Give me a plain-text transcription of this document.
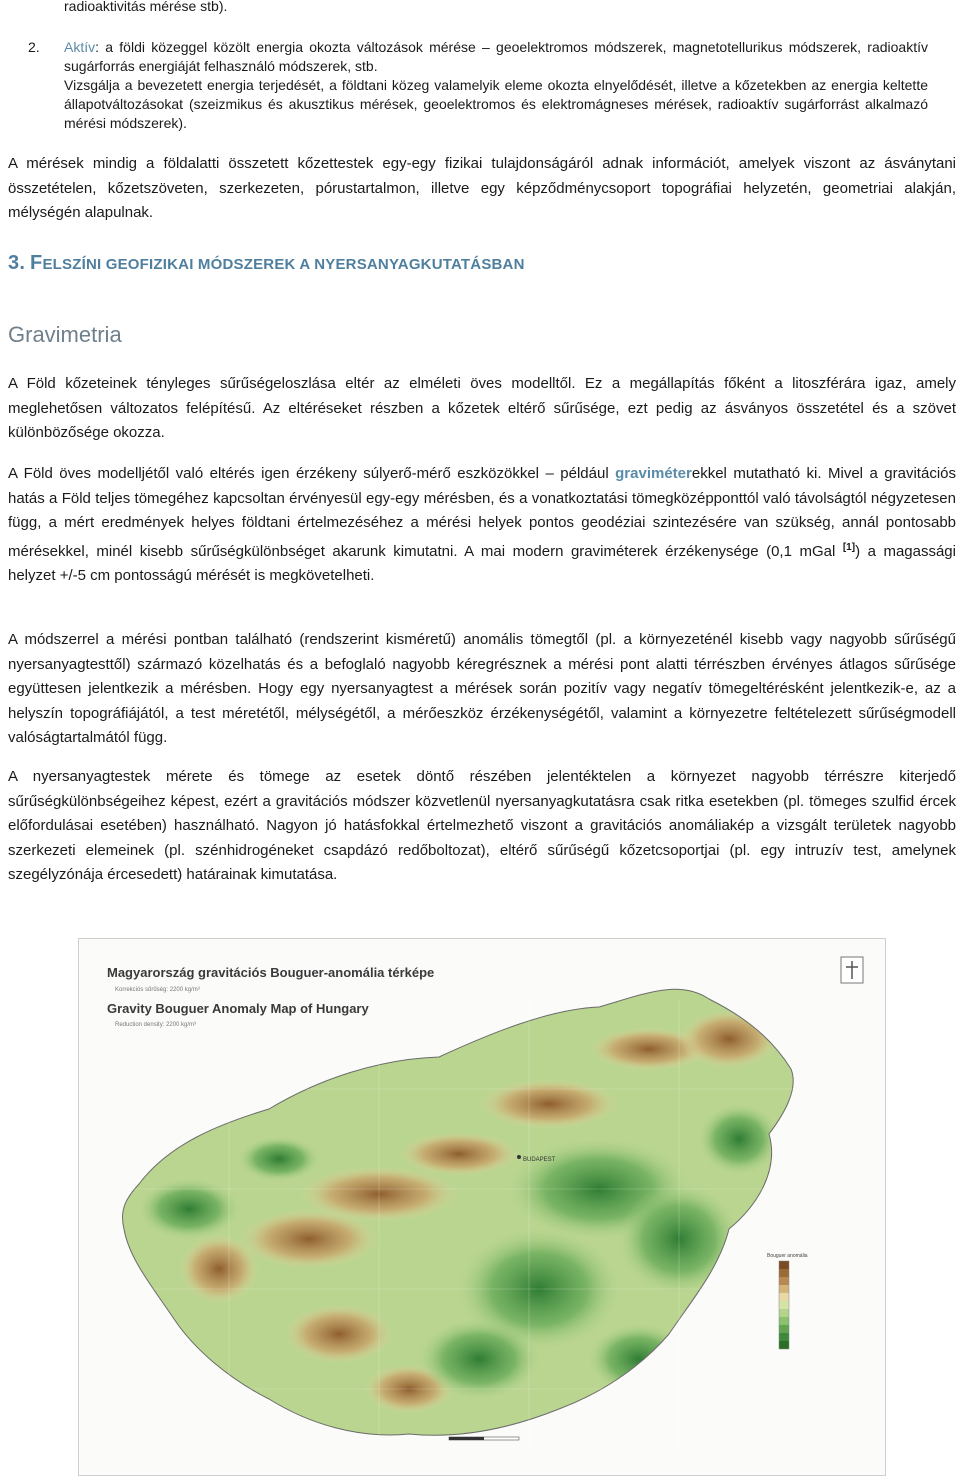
radioaktivitás mérése stb).
2. Aktív: a földi közeggel közölt energia okozta változások mérése – geoelektromos módszerek, magnetotellurikus módszerek, radioaktív sugárforrás energiáját felhasználó módszerek, stb.
Vizsgálja a bevezetett energia terjedését, a földtani közeg valamelyik eleme okozta elnyelődését, illetve a kőzetekben az energia keltette állapotváltozásokat (szeizmikus és akusztikus mérések, geoelektromos és elektromágneses mérések, radioaktív sugárforrást alkalmazó mérési módszerek).
A mérések mindig a földalatti összetett kőzettestek egy-egy fizikai tulajdonságáról adnak információt, amelyek viszont az ásványtani összetételen, kőzetszöveten, szerkezeten, pórustartalmon, illetve egy képződménycsoport topográfiai helyzetén, geometriai alakján, mélységén alapulnak.
3. FELSZÍNI GEOFIZIKAI MÓDSZEREK A NYERSANYAGKUTATÁSBAN
Gravimetria
A Föld kőzeteinek tényleges sűrűségeloszlása eltér az elméleti öves modelltől. Ez a megállapítás főként a litoszférára igaz, amely meglehetősen változatos felépítésű. Az eltéréseket részben a kőzetek eltérő sűrűsége, ezt pedig az ásványos összetétel és a szövet különbözősége okozza.
A Föld öves modelljétől való eltérés igen érzékeny súlyerő-mérő eszközökkel – például graviméterekkel mutatható ki. Mivel a gravitációs hatás a Föld teljes tömegéhez kapcsoltan érvényesül egy-egy mérésben, és a vonatkoztatási tömegközépponttól való távolságtól négyzetesen függ, a mért eredmények helyes földtani értelmezéséhez a mérési helyek pontos geodéziai szintezésére van szükség, annál pontosabb mérésekkel, minél kisebb sűrűségkülönbséget akarunk kimutatni. A mai modern graviméterek érzékenysége (0,1 mGal [1]) a magassági helyzet +/-5 cm pontosságú mérését is megkövetelheti.
A módszerrel a mérési pontban található (rendszerint kisméretű) anomális tömegtől (pl. a környezeténél kisebb vagy nagyobb sűrűségű nyersanyagtesttől) származó közelhatás és a befoglaló nagyobb kéregrésznek a mérési pont alatti térrészben érvényes átlagos sűrűsége együttesen jelentkezik a mérésben. Hogy egy nyersanyagtest a mérések során pozitív vagy negatív tömegeltérésként jelentkezik-e, az a helyszín topográfiájától, a test méretétől, mélységétől, a mérőeszköz érzékenységétől, valamint a környezetre feltételezett sűrűségmodell valóságtartalmától függ.
A nyersanyagtestek mérete és tömege az esetek döntő részében jelentéktelen a környezet nagyobb térrészre kiterjedő sűrűségkülönbségeihez képest, ezért a gravitációs módszer közvetlenül nyersanyagkutatásra csak ritka esetekben (pl. tömeges szulfid ércek előfordulásai esetében) használható. Nagyon jó hatásfokkal értelmezhető viszont a gravitációs anomáliakép a vizsgált területek nagyobb szerkezeti elemeinek (pl. szénhidrogéneket csapdázó redőboltozat), eltérő sűrűségű kőzetcsoportjai (pl. egy intruzív test, amelynek szegélyzónája ércesedett) határainak kimutatása.
Magyarország gravitációs Bouguer-anomália térképe
Korrekciós sűrűség: 2200 kg/m³
Gravity Bouguer Anomaly Map of Hungary
Reduction density: 2200 kg/m³
BUDAPEST
Bouguer anomália
